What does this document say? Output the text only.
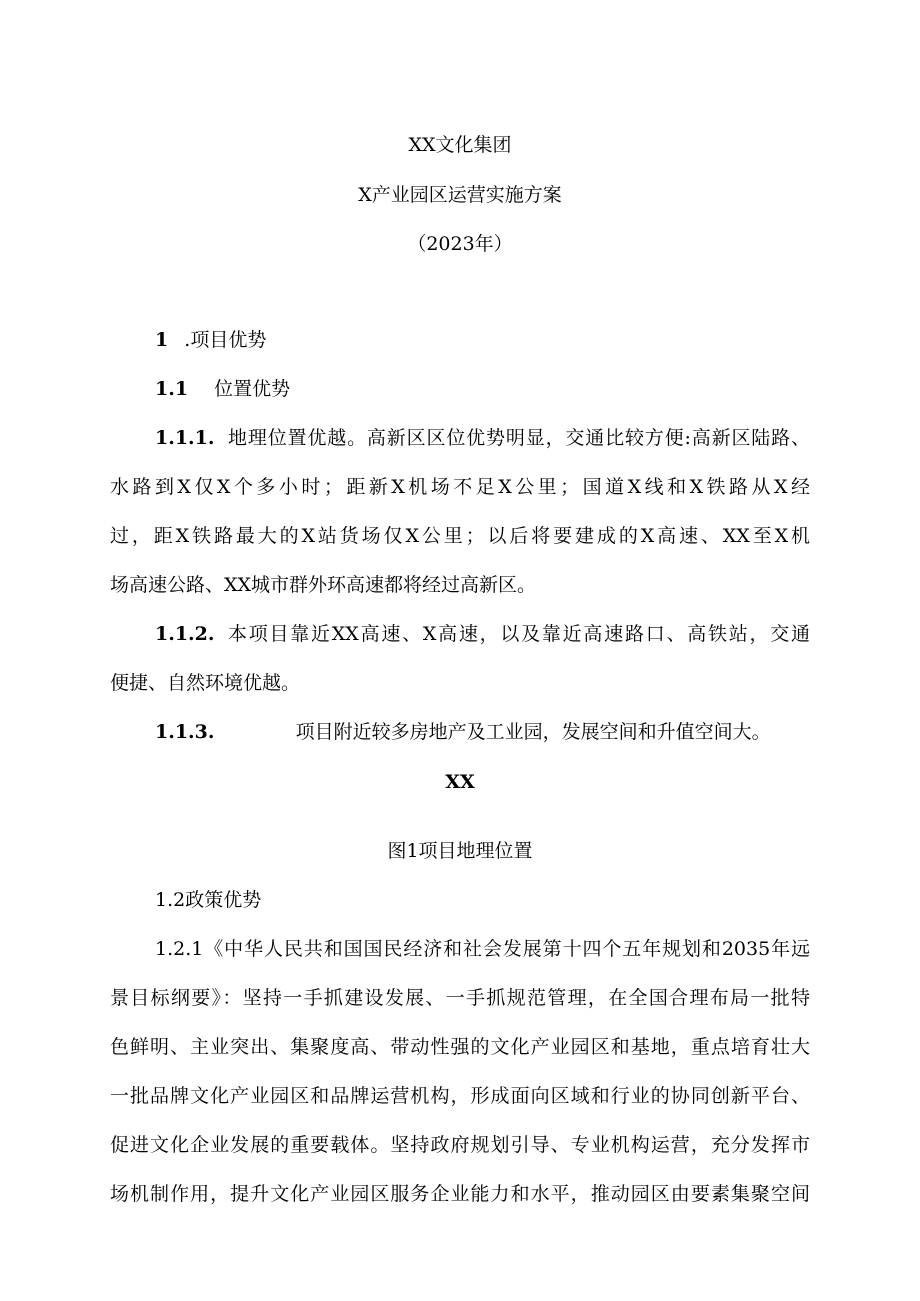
XX文化集团
X产业园区运营实施方案
（2023年）
1 .项目优势
1.1 位置优势
1.1.1. 地理位置优越。高新区区位优势明显，交通比较方便:高新区陆路、
水路到X仅X个多小时；距新X机场不足X公里；国道X线和X铁路从X经
过，距X铁路最大的X站货场仅X公里；以后将要建成的X高速、XX至X机
场高速公路、XX城市群外环高速都将经过高新区。
1.1.2. 本项目靠近XX高速、X高速，以及靠近高速路口、高铁站，交通
便捷、自然环境优越。
1.1.3.	项目附近较多房地产及工业园，发展空间和升值空间大。
XX
图1项目地理位置
1.2政策优势
1.2.1《中华人民共和国国民经济和社会发展第十四个五年规划和2035年远
景目标纲要》：坚持一手抓建设发展、一手抓规范管理，在全国合理布局一批特
色鲜明、主业突出、集聚度高、带动性强的文化产业园区和基地，重点培育壮大
一批品牌文化产业园区和品牌运营机构，形成面向区域和行业的协同创新平台、
促进文化企业发展的重要载体。坚持政府规划引导、专业机构运营，充分发挥市
场机制作用，提升文化产业园区服务企业能力和水平，推动园区由要素集聚空间
